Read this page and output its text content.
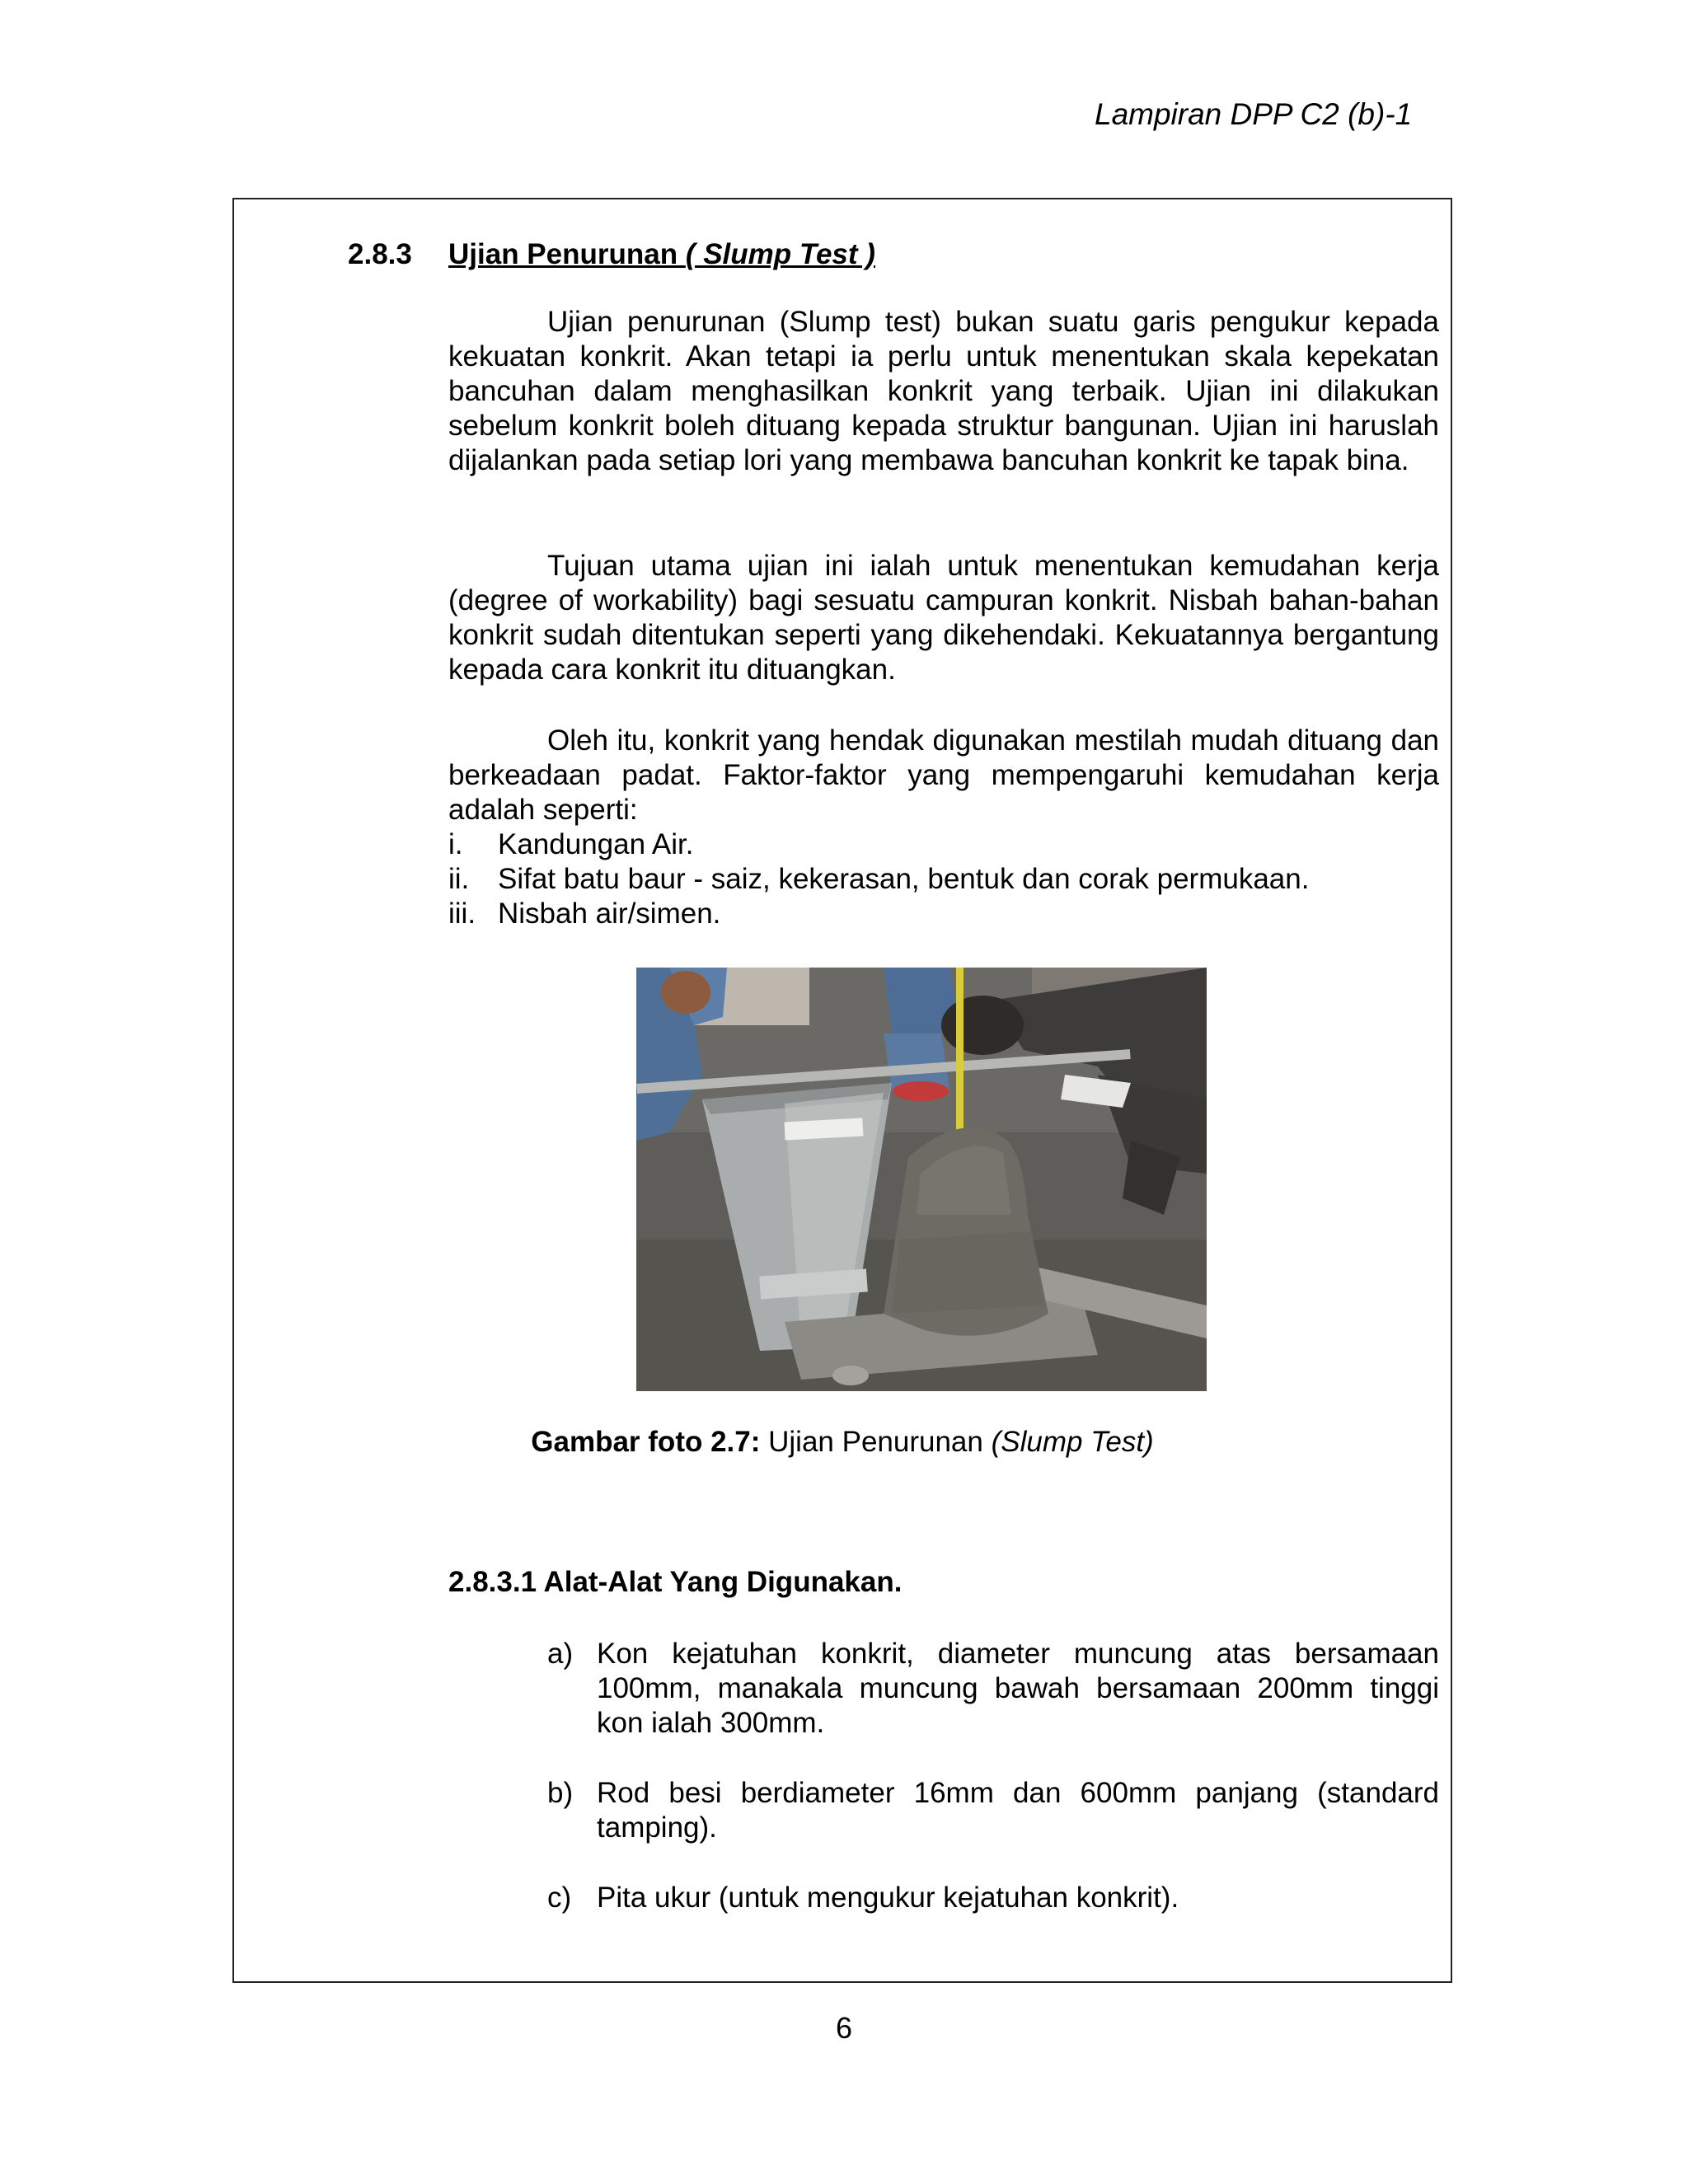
Lampiran DPP C2 (b)-1
2.8.3 Ujian Penurunan ( Slump Test )

Ujian penurunan (Slump test) bukan suatu garis pengukur kepada kekuatan konkrit. Akan tetapi ia perlu untuk menentukan skala kepekatan bancuhan dalam menghasilkan konkrit yang terbaik. Ujian ini dilakukan sebelum konkrit boleh dituang kepada struktur bangunan. Ujian ini haruslah dijalankan pada setiap lori yang membawa bancuhan konkrit ke tapak bina.

Tujuan utama ujian ini ialah untuk menentukan kemudahan kerja (degree of workability) bagi sesuatu campuran konkrit. Nisbah bahan-bahan konkrit sudah ditentukan seperti yang dikehendaki. Kekuatannya bergantung kepada cara konkrit itu dituangkan.

Oleh itu, konkrit yang hendak digunakan mestilah mudah dituang dan berkeadaan padat. Faktor-faktor yang mempengaruhi kemudahan kerja adalah seperti:

i. Kandungan Air.
ii. Sifat batu baur - saiz, kekerasan, bentuk dan corak permukaan.
iii. Nisbah air/simen.
Gambar foto 2.7: Ujian Penurunan (Slump Test)
2.8.3.1 Alat-Alat Yang Digunakan.
a) Kon kejatuhan konkrit, diameter muncung atas bersamaan 100mm, manakala muncung bawah bersamaan 200mm tinggi kon ialah 300mm.
b) Rod besi berdiameter 16mm dan 600mm panjang (standard tamping).
c) Pita ukur (untuk mengukur kejatuhan konkrit).
6
